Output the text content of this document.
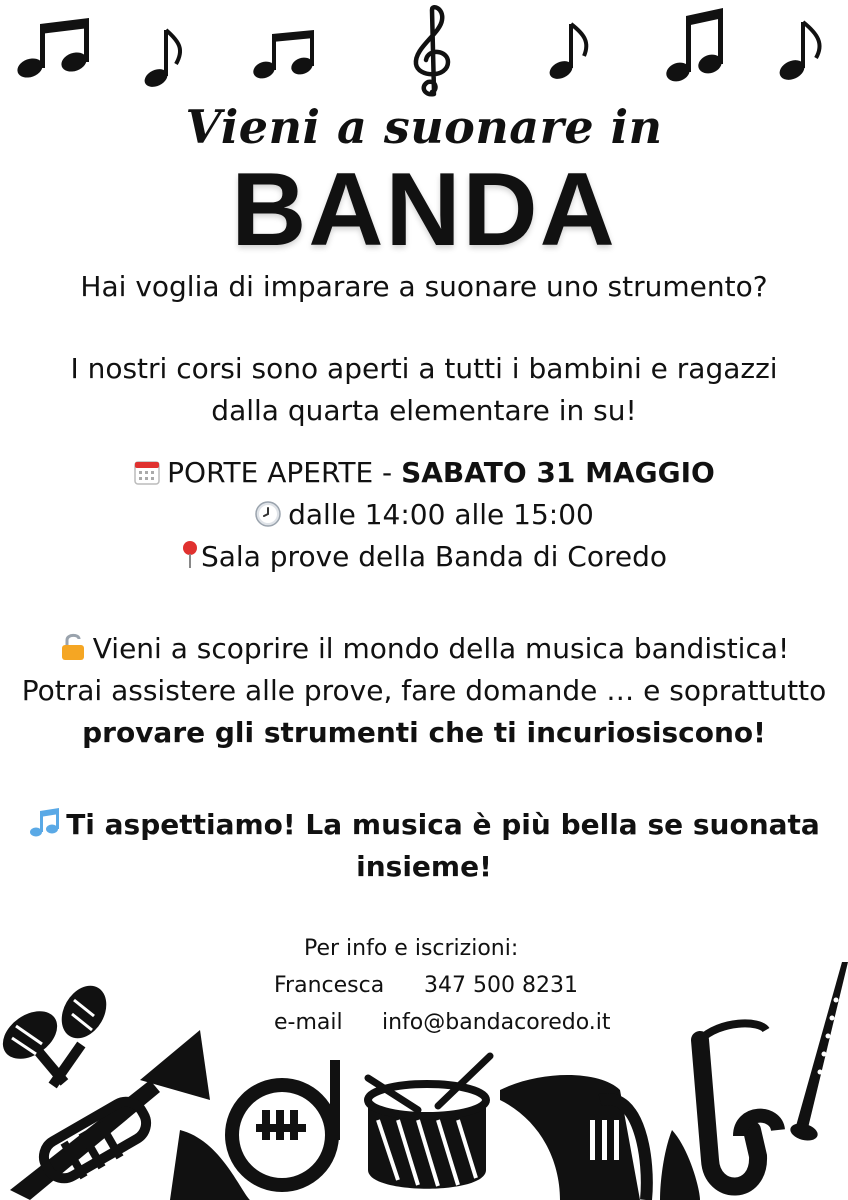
Vieni a suonare in
BANDA
Hai voglia di imparare a suonare uno strumento?
I nostri corsi sono aperti a tutti i bambini e ragazzi
dalla quarta elementare in su!
PORTE APERTE - SABATO 31 MAGGIO
dalle 14:00 alle 15:00
Sala prove della Banda di Coredo
Vieni a scoprire il mondo della musica bandistica!
Potrai assistere alle prove, fare domande … e soprattutto
provare gli strumenti che ti incuriosiscono!
Ti aspettiamo! La musica è più bella se suonata
insieme!
Per info e iscrizioni:
Francesca 347 500 8231
e-mail info@bandacoredo.it
